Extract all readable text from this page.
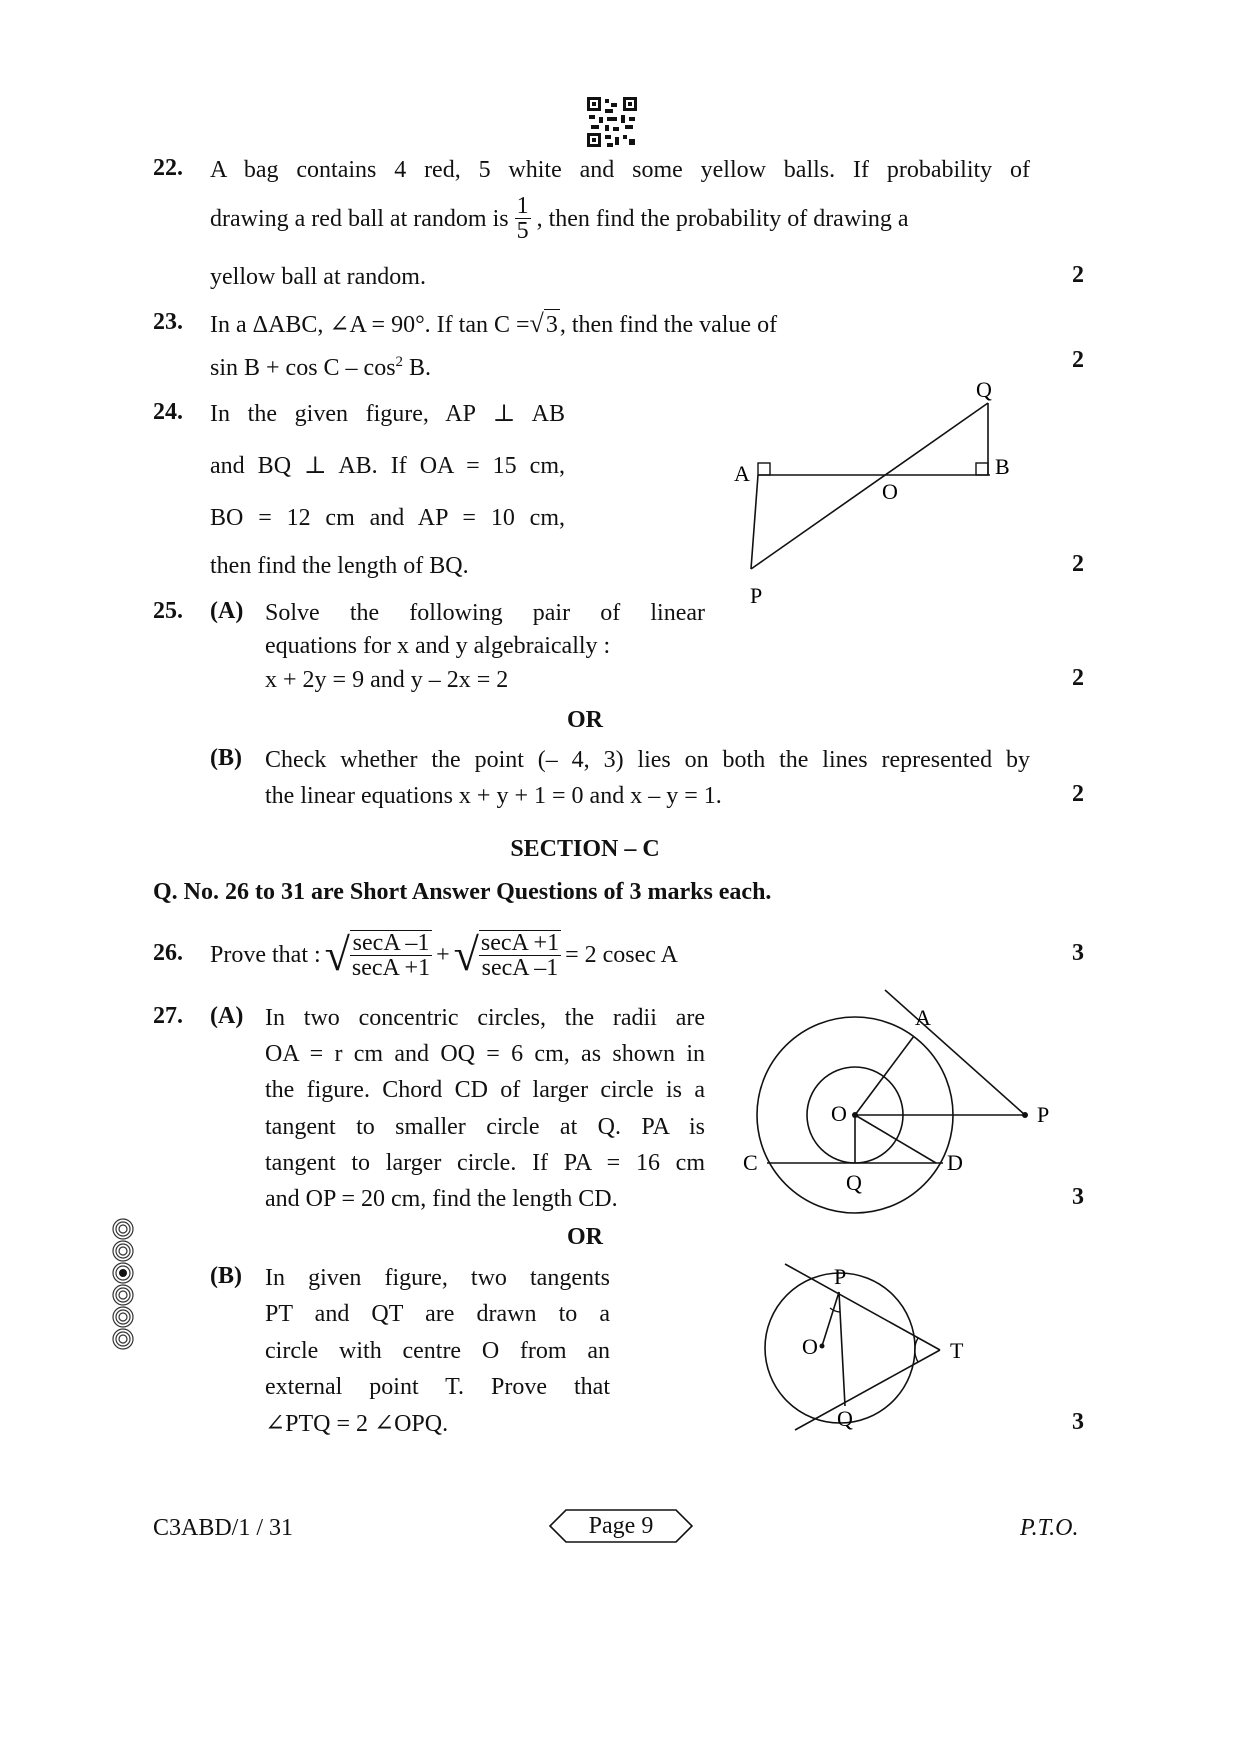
22. A bag contains 4 red, 5 white and some yellow balls. If probability of
drawing a red ball at random is $\frac{1}{5}$ , then find the probability of drawing a
yellow ball at random.	2
23. In a ΔABC, ∠A = 90°. If tan C =√3, then find the value of
$\sin B + \cos C - \cos^2 B$.	2
24. In the given figure, AP ⊥ AB
and BQ ⊥ AB. If OA = 15 cm,
BO = 12 cm and AP = 10 cm,
then find the length of BQ.	2
Q
A
O
B
P
25. (A) Solve the following pair of linear
equations for x and y algebraically :
x + 2y = 9 and y – 2x = 2	2
OR
(B) Check whether the point (– 4, 3) lies on both the lines represented by
the linear equations x + y + 1 = 0 and x – y = 1.	2
SECTION – C
Q. No. 26 to 31 are Short Answer Questions of 3 marks each.
26. Prove that : √ $\frac{\sec A -1}{\sec A +1}$ + √ $\frac{\sec A +1}{\sec A -1} = 2$ cosec A	3
27. (A) In two concentric circles, the radii are
OA = r cm and OQ = 6 cm, as shown in
the figure. Chord CD of larger circle is a
tangent to smaller circle at Q. PA is
tangent to larger circle. If PA = 16 cm
and OP = 20 cm, find the length CD.	3
A
O	P
C
Q
D
OR
(B) In given figure, two tangents
PT and QT are drawn to a
circle with centre O from an
external point T. Prove that
∠PTQ = 2 ∠OPQ.	3
P
O	T
Q
C3ABD/1 / 31	Page 9	P.T.O.
